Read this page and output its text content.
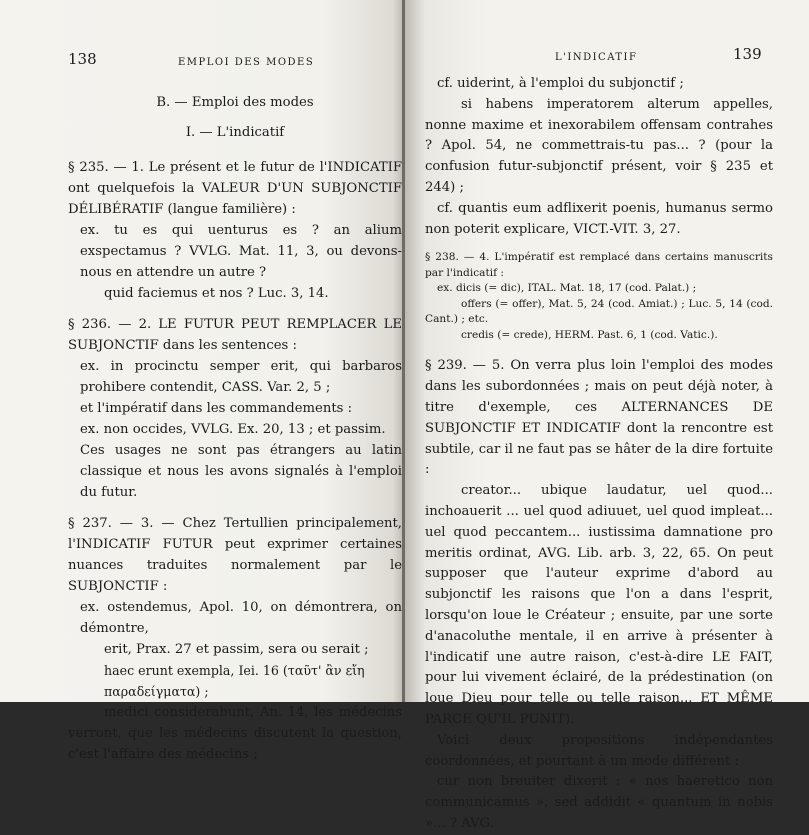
138	EMPLOI DES MODES

B. — Emploi des modes

I. — L'indicatif

§ 235. — 1. Le présent et le futur de l'INDICATIF ont quelquefois la VALEUR D'UN SUBJONCTIF DÉLIBÉRATIF (langue familière) :

ex. tu es qui uenturus es ? an alium exspectamus ? VVLG. Mat. 11, 3, ou devons-nous en attendre un autre ?

quid faciemus et nos ? Luc. 3, 14.

§ 236. — 2. LE FUTUR PEUT REMPLACER LE SUBJONCTIF dans les sentences :

ex. in procinctu semper erit, qui barbaros prohibere contendit, CASS. Var. 2, 5 ;

et l'impératif dans les commandements :

ex. non occides, VVLG. Ex. 20, 13 ; et passim.

Ces usages ne sont pas étrangers au latin classique et nous les avons signalés à l'emploi du futur.

§ 237. — 3. — Chez Tertullien principalement, l'INDICATIF FUTUR peut exprimer certaines nuances traduites normalement par le SUBJONCTIF :

ex. ostendemus, Apol. 10, on démontrera, on démontre,

erit, Prax. 27 et passim, sera ou serait ;

haec erunt exempla, Iei. 16 (ταῦτ' ἂν εἴη παραδείγματα) ;

medici considerabunt, An. 14, les médecins verront, que les médecins discutent la question, c'est l'affaire des médecins ;

L'INDICATIF	139

cf. uiderint, à l'emploi du subjonctif ;

si habens imperatorem alterum appelles, nonne maxime et inexorabilem offensam contrahes ? Apol. 54, ne commettrais-tu pas... ? (pour la confusion futur-subjonctif présent, voir § 235 et 244) ;

cf. quantis eum adflixerit poenis, humanus sermo non poterit explicare, VICT.-VIT. 3, 27.

§ 238. — 4. L'impératif est remplacé dans certains manuscrits par l'indicatif :

ex. dicis (= dic), ITAL. Mat. 18, 17 (cod. Palat.) ;

offers (= offer), Mat. 5, 24 (cod. Amiat.) ; Luc. 5, 14 (cod. Cant.) ; etc.

credis (= crede), HERM. Past. 6, 1 (cod. Vatic.).

§ 239. — 5. On verra plus loin l'emploi des modes dans les subordonnées ; mais on peut déjà noter, à titre d'exemple, ces ALTERNANCES DE SUBJONCTIF ET INDICATIF dont la rencontre est subtile, car il ne faut pas se hâter de la dire fortuite :

creator... ubique laudatur, uel quod... inchoauerit ... uel quod adiuuet, uel quod impleat... uel quod peccantem... iustissima damnatione pro meritis ordinat, AVG. Lib. arb. 3, 22, 65. On peut supposer que l'auteur exprime d'abord au subjonctif les raisons que l'on a dans l'esprit, lorsqu'on loue le Créateur ; ensuite, par une sorte d'anacoluthe mentale, il en arrive à présenter à l'indicatif une autre raison, c'est-à-dire LE FAIT, pour lui vivement éclairé, de la prédestination (on loue Dieu pour telle ou telle raison... ET MÊME PARCE QU'IL PUNIT).

Voici deux propositions indépendantes coordonnées, et pourtant à un mode différent :

cur non breuiter dixerit : « nos haeretico non communicamus », sed addidit « quantum in nobis »... ? AVG.
